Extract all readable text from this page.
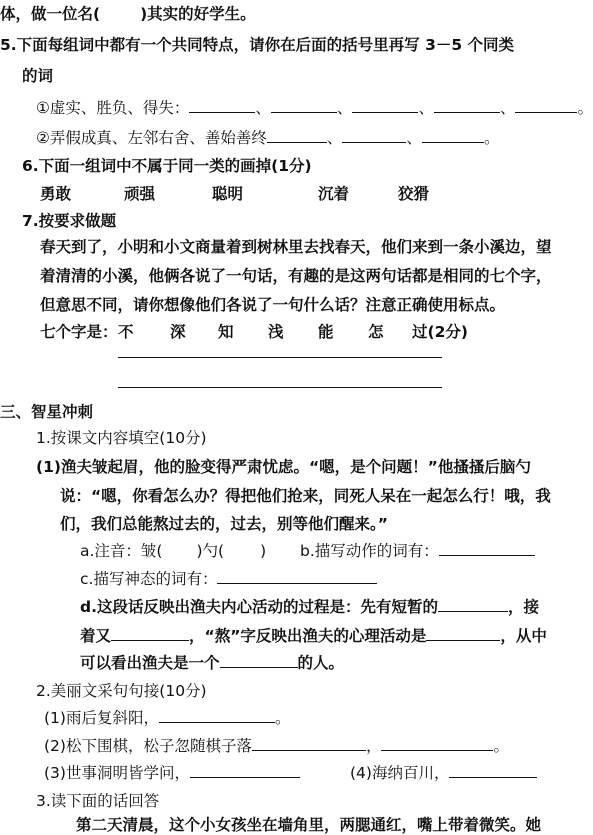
体，做一位名(	)其实的好学生。
5.下面每组词中都有一个共同特点，请你在后面的括号里再写 3－5 个同类
的词
①虚实、胜负、得失：	、	、	、	、	。
②弄假成真、左邻右舍、善始善终	、	、	。
6.下面一组词中不属于同一类的画掉(1分)
勇敢	顽强	聪明	沉着	狡猾
7.按要求做题
春天到了，小明和小文商量着到树林里去找春天，他们来到一条小溪边，望
着清清的小溪，他俩各说了一句话，有趣的是这两句话都是相同的七个字，
但意思不同，请你想像他们各说了一句什么话？注意正确使用标点。
七个字是： 不 深 知 浅 能 怎 过(2分)
三、智星冲刺
1.按课文内容填空(10分)
(1)渔夫皱起眉，他的脸变得严肃忧虑。“嗯，是个问题！”他搔搔后脑勺
说：“嗯，你看怎么办？得把他们抢来，同死人呆在一起怎么行！哦，我
们，我们总能熬过去的，过去，别等他们醒来。”
a.注音：皱( )勺( ) b.描写动作的词有：
c.描写神态的词有：
d.这段话反映出渔夫内心活动的过程是：先有短暂的	，接
着又	，“熬”字反映出渔夫的心理活动是	，从中
可以看出渔夫是一个	的人。
2.美丽文采句句接(10分)
(1)雨后复斜阳，	。
(2)松下围棋，松子忽随棋子落	，	。
(3)世事洞明皆学问，	(4)海纳百川，
3.读下面的话回答
第二天清晨，这个小女孩坐在墙角里，两腮通红，嘴上带着微笑。她
